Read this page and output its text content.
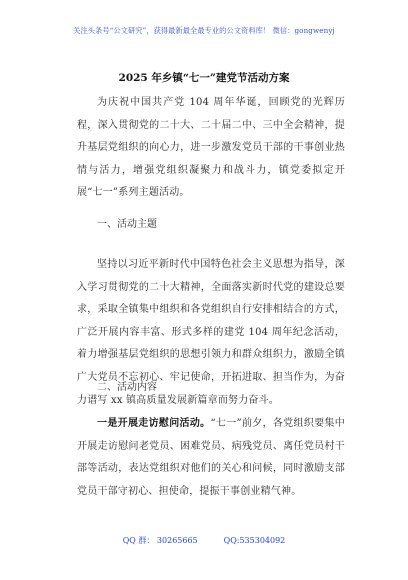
关注头条号“公文研究”，获得最新最全最专业的公文资料库！ 微信：gongwenyj
2025 年乡镇“七一”建党节活动方案

为庆祝中国共产党 104 周年华诞，回顾党的光辉历程，深入贯彻党的二十大、二十届二中、三中全会精神，提升基层党组织的向心力，进一步激发党员干部的干事创业热情与活力，增强党组织凝聚力和战斗力，镇党委拟定开展“七一”系列主题活动。

一、活动主题

坚持以习近平新时代中国特色社会主义思想为指导，深入学习贯彻党的二十大精神，全面落实新时代党的建设总要求，采取全镇集中组织和各党组织自行安排相结合的方式，广泛开展内容丰富、形式多样的建党 104 周年纪念活动，着力增强基层党组织的思想引领力和群众组织力，激励全镇广大党员不忘初心、牢记使命，开拓进取、担当作为，为奋力谱写 xx 镇高质量发展新篇章而努力奋斗。

二、活动内容

一是开展走访慰问活动。“七一”前夕，各党组织要集中开展走访慰问老党员、困难党员、病残党员、离任党员村干部等活动，表达党组织对他们的关心和问候，同时激励支部党员干部守初心、担使命，提振干事创业精气神。

QQ 群： 30265665	QQ:535304092
